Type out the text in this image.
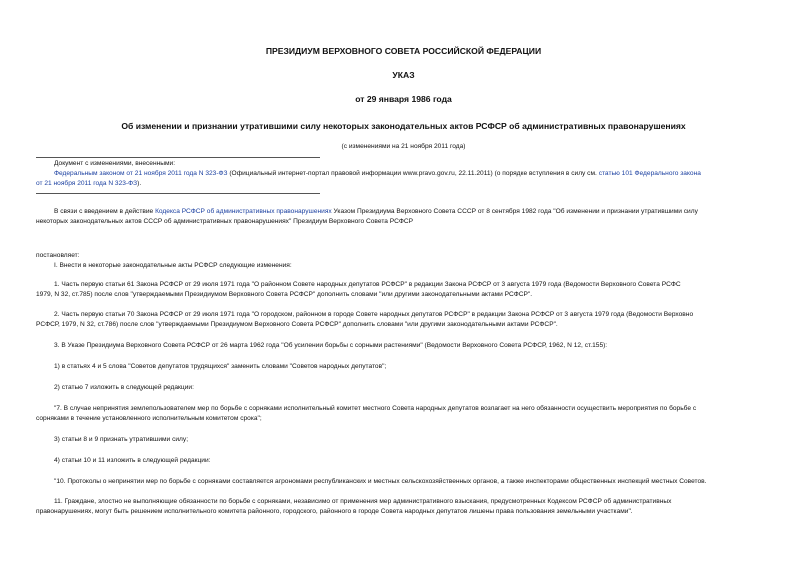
ПРЕЗИДИУМ ВЕРХОВНОГО СОВЕТА РОССИЙСКОЙ ФЕДЕРАЦИИ
УКАЗ
от 29 января 1986 года
Об изменении и признании утратившими силу некоторых законодательных актов РСФСР об административных правонарушениях
(с изменениями на 21 ноября 2011 года)
Документ с изменениями, внесенными:
Федеральным законом от 21 ноября 2011 года N 323-ФЗ (Официальный интернет-портал правовой информации www.pravo.gov.ru, 22.11.2011) (о порядке вступления в силу см. статью 101 Федерального закона
от 21 ноября 2011 года N 323-ФЗ).
В связи с введением в действие Кодекса РСФСР об административных правонарушениях Указом Президиума Верховного Совета СССР от 8 сентября 1982 года "Об изменении и признании утратившими силу
некоторых законодательных актов СССР об административных правонарушениях" Президиум Верховного Совета РСФСР
постановляет:
I. Внести в некоторые законодательные акты РСФСР следующие изменения:
1. Часть первую статьи 61 Закона РСФСР от 29 июля 1971 года "О районном Совете народных депутатов РСФСР" в редакции Закона РСФСР от 3 августа 1979 года (Ведомости Верховного Совета РСФС
1979, N 32, ст.785) после слов "утверждаемыми Президиумом Верховного Совета РСФСР" дополнить словами "или другими законодательными актами РСФСР".
2. Часть первую статьи 70 Закона РСФСР от 29 июля 1971 года "О городском, районном в городе Совете народных депутатов РСФСР" в редакции Закона РСФСР от 3 августа 1979 года (Ведомости Верховно
РСФСР, 1979, N 32, ст.786) после слов "утверждаемыми Президиумом Верховного Совета РСФСР" дополнить словами "или другими законодательными актами РСФСР".
3. В Указе Президиума Верховного Совета РСФСР от 26 марта 1962 года "Об усилении борьбы с сорными растениями" (Ведомости Верховного Совета РСФСР, 1962, N 12, ст.155):
1) в статьях 4 и 5 слова "Советов депутатов трудящихся" заменить словами "Советов народных депутатов";
2) статью 7 изложить в следующей редакции:
"7. В случае непринятия землепользователем мер по борьбе с сорняками исполнительный комитет местного Совета народных депутатов возлагает на него обязанности осуществить мероприятия по борьбе с
сорняками в течение установленного исполнительным комитетом срока";
3) статьи 8 и 9 признать утратившими силу;
4) статьи 10 и 11 изложить в следующей редакции:
"10. Протоколы о непринятии мер по борьбе с сорняками составляется агрономами республиканских и местных сельскохозяйственных органов, а также инспекторами общественных инспекций местных Советов.
11. Граждане, злостно не выполняющие обязанности по борьбе с сорняками, независимо от применения мер административного взыскания, предусмотренных Кодексом РСФСР об административных
правонарушениях, могут быть решением исполнительного комитета районного, городского, районного в городе Совета народных депутатов лишены права пользования земельными участками".
